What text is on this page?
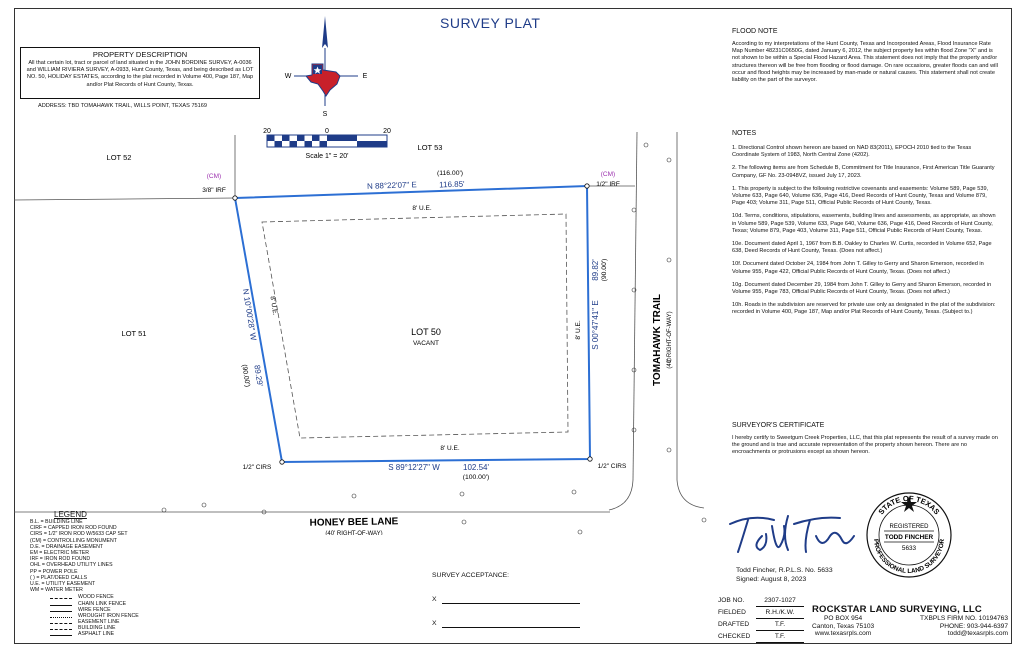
SURVEY PLAT
PROPERTY DESCRIPTION
All that certain lot, tract or parcel of land situated in the JOHN BORDINE SURVEY, A-0036 and WILLIAM RIVIERA SURVEY, A-0933, Hunt County, Texas, and being described as LOT NO. 50, HOLIDAY ESTATES, according to the plat recorded in Volume 400, Page 187, Map and/or Plat Records of Hunt County, Texas.
ADDRESS: TBD TOMAHAWK TRAIL, WILLS POINT, TEXAS 75169
W	E
S
20	0	20
Scale 1" = 20'
LOT 52
LOT 53
LOT 51	LOT 50
VACANT
(116.00')
N 88°22'07" E	116.85'
8' U.E.
S 89°12'27" W	102.54'
(100.00')
8' U.E.
N 10°00'28" W
89.29'
(90.00')
8' U.E.	S 00°47'41" E
89.82' (90.00')
8' U.E.
(CM)
3/8" IRF
(CM)
1/2" IRF
1/2" CIRS	1/2" CIRS
TOMAHAWK TRAIL (40' RIGHT-OF-WAY)
HONEY BEE LANE
(40' RIGHT-OF-WAY)
LEGEND
B.L. = BUILDING LINE
CIRF = CAPPED IRON ROD FOUND
CIRS = 1/2" IRON ROD W/5633 CAP SET
(CM) = CONTROLLING MONUMENT
D.E. = DRAINAGE EASEMENT
EM = ELECTRIC METER
IRF = IRON ROD FOUND
OHL = OVERHEAD UTILITY LINES
PP = POWER POLE
( ) = PLAT/DEED CALLS
U.E. = UTILITY EASEMENT
WM = WATER METER
WOOD FENCE
CHAIN LINK FENCE
WIRE FENCE
WROUGHT IRON FENCE
EASEMENT LINE
BUILDING LINE
ASPHALT LINE
SURVEY ACCEPTANCE:
X
X
FLOOD NOTE
According to my interpretations of the Hunt County, Texas and Incorporated Areas, Flood Insurance Rate Map Number 48231C0650G, dated January 6, 2012, the subject property lies within flood Zone "X" and is not shown to be within a Special Flood Hazard Area. This statement does not imply that the property and/or structures thereon will be free from flooding or flood damage. On rare occasions, greater floods can and will occur and flood heights may be increased by man-made or natural causes. This statement shall not create liability on the part of the surveyor.
NOTES

1. Directional Control shown hereon are based on NAD 83(2011), EPOCH 2010 tied to the Texas Coordinate System of 1983, North Central Zone (4202).

2. The following items are from Schedule B, Commitment for Title Insurance, First American Title Guaranty Company, GF No. 23-0948VZ, issued July 17, 2023.

1. This property is subject to the following restrictive covenants and easements: Volume 589, Page 539, Volume 633, Page 640, Volume 636, Page 416, Deed Records of Hunt County, Texas and Volume 879, Page 403; Volume 311, Page 511, Official Public Records of Hunt County, Texas.

10d. Terms, conditions, stipulations, easements, building lines and assessments, as appropriate, as shown in Volume 589, Page 539, Volume 633, Page 640, Volume 636, Page 416, Deed Records of Hunt County, Texas; Volume 879, Page 403, Volume 311, Page 511, Official Public Records of Hunt County, Texas.

10e. Document dated April 1, 1967 from B.B. Oakley to Charles W. Curtis, recorded in Volume 652, Page 638, Deed Records of Hunt County, Texas. (Does not affect.)

10f. Document dated October 24, 1984 from John T. Gilley to Gerry and Sharon Emerson, recorded in Volume 955, Page 422, Official Public Records of Hunt County, Texas. (Does not affect.)

10g. Document dated December 29, 1984 from John T. Gilley to Gerry and Sharon Emerson, recorded in Volume 955, Page 783, Official Public Records of Hunt County, Texas. (Does not affect.)

10h. Roads in the subdivision are reserved for private use only as designated in the plat of the subdivision: recorded in Volume 400, Page 187, Map and/or Plat Records of Hunt County, Texas. (Subject to.)

SURVEYOR'S CERTIFICATE
I hereby certify to Sweetgum Creek Properties, LLC, that this plat represents the result of a survey made on the ground and is true and accurate representation of the property shown hereon. There are no encroachments or protrusions except as shown hereon.
Todd Fincher, R.P.L.S. No. 5633
Signed: August 8, 2023
STATE OF TEXAS
REGISTERED
TODD FINCHER
5633
PROFESSIONAL LAND SURVEYOR
JOB NO.	2307-1027
FIELDED	R.H./K.W.
DRAFTED	T.F.
CHECKED	T.F.
ROCKSTAR LAND SURVEYING, LLC
PO BOX 954
Canton, Texas 75103
www.texasrpls.com
TXBPLS FIRM NO. 10194763
PHONE: 903-944-6397
todd@texasrpls.com
